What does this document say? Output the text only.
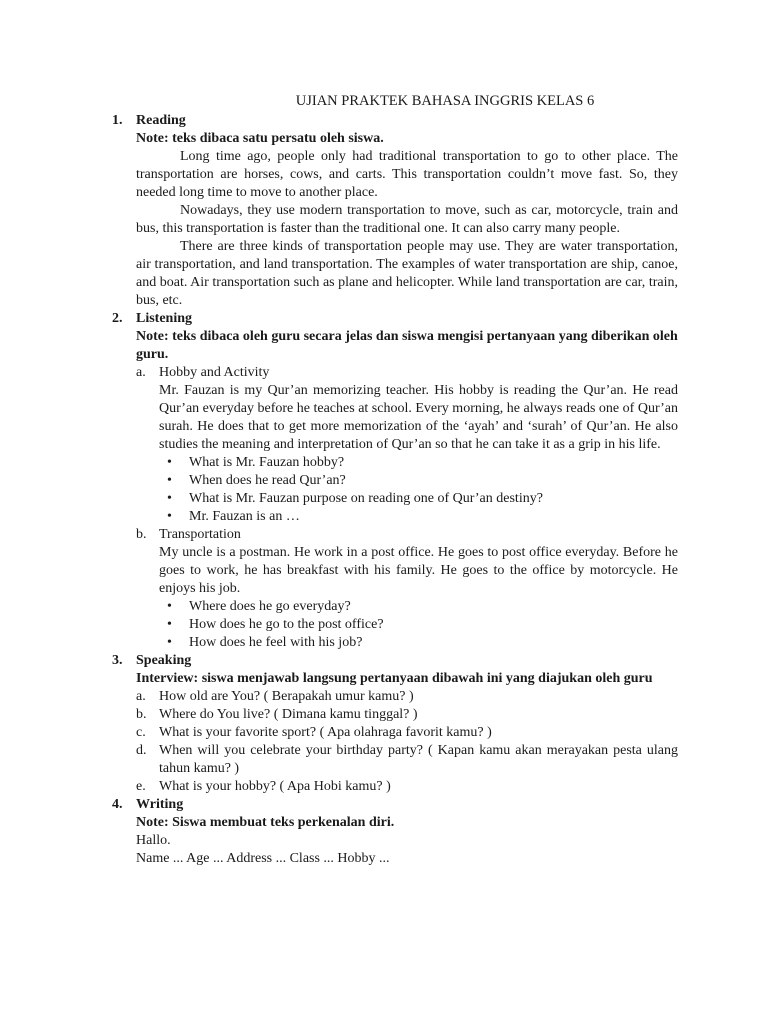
UJIAN PRAKTEK BAHASA INGGRIS KELAS 6
1. Reading
Note: teks dibaca satu persatu oleh siswa.
Long time ago, people only had traditional transportation to go to other place. The transportation are horses, cows, and carts. This transportation couldn’t move fast. So, they needed long time to move to another place.
Nowadays, they use modern transportation to move, such as car, motorcycle, train and bus, this transportation is faster than the traditional one. It can also carry many people.
There are three kinds of transportation people may use. They are water transportation, air transportation, and land transportation. The examples of water transportation are ship, canoe, and boat. Air transportation such as plane and helicopter. While land transportation are car, train, bus, etc.
2. Listening
Note: teks dibaca oleh guru secara jelas dan siswa mengisi pertanyaan yang diberikan oleh guru.
a. Hobby and Activity
Mr. Fauzan is my Qur’an memorizing teacher. His hobby is reading the Qur’an. He read Qur’an everyday before he teaches at school. Every morning, he always reads one of Qur’an surah. He does that to get more memorization of the ‘ayah’ and ‘surah’ of Qur’an. He also studies the meaning and interpretation of Qur’an so that he can take it as a grip in his life.
• What is Mr. Fauzan hobby?
• When does he read Qur’an?
• What is Mr. Fauzan purpose on reading one of Qur’an destiny?
• Mr. Fauzan is an …
b. Transportation
My uncle is a postman. He work in a post office. He goes to post office everyday. Before he goes to work, he has breakfast with his family. He goes to the office by motorcycle. He enjoys his job.
• Where does he go everyday?
• How does he go to the post office?
• How does he feel with his job?
3. Speaking
Interview: siswa menjawab langsung pertanyaan dibawah ini yang diajukan oleh guru
a. How old are You? ( Berapakah umur kamu? )
b. Where do You live? ( Dimana kamu tinggal? )
c. What is your favorite sport? ( Apa olahraga favorit kamu? )
d. When will you celebrate your birthday party? ( Kapan kamu akan merayakan pesta ulang tahun kamu? )
e. What is your hobby? ( Apa Hobi kamu? )
4. Writing
Note: Siswa membuat teks perkenalan diri.
Hallo.
Name ... Age ... Address ... Class ... Hobby ...
